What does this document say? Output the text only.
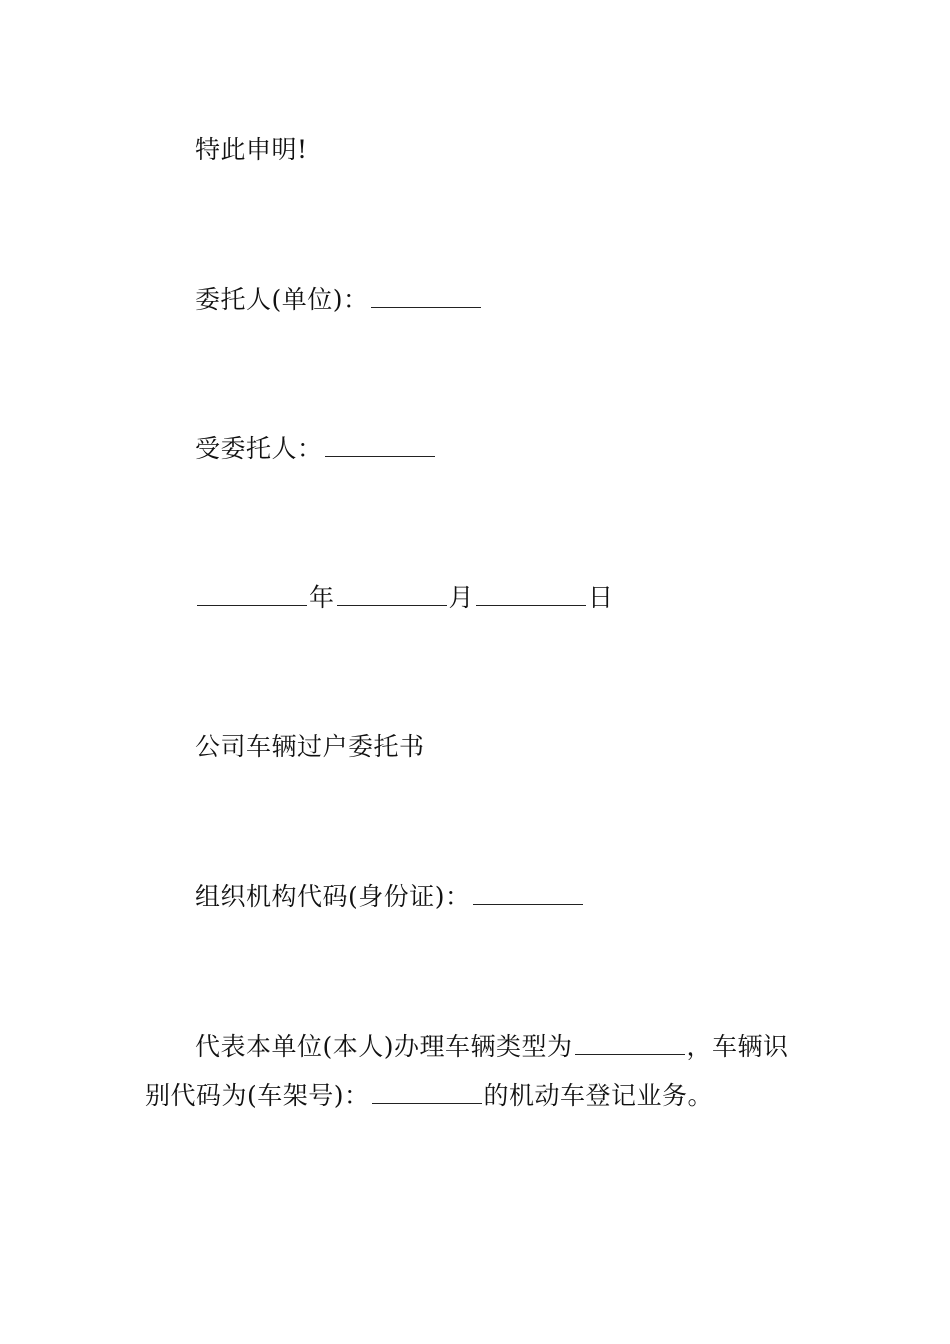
特此申明!
委托人(单位)：
受委托人：
年	月	日
公司车辆过户委托书
组织机构代码(身份证)：
代表本单位(本人)办理车辆类型为	，车辆识
别代码为(车架号)：	的机动车登记业务。
